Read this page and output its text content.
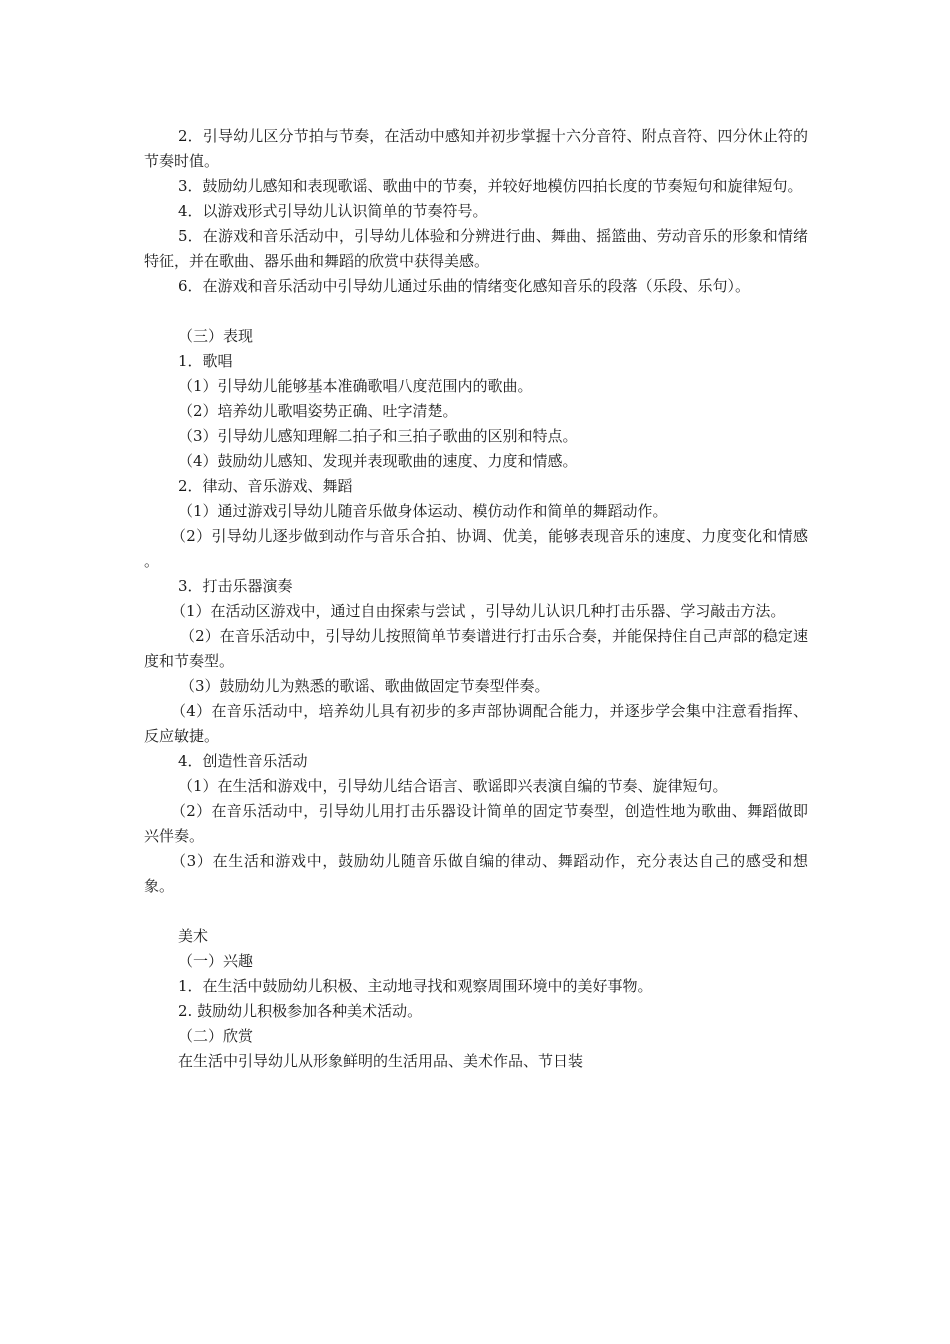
2．引导幼儿区分节拍与节奏，在活动中感知并初步掌握十六分音符、附点音符、四分休止符的节奏时值。

3．鼓励幼儿感知和表现歌谣、歌曲中的节奏，并较好地模仿四拍长度的节奏短句和旋律短句。

4．以游戏形式引导幼儿认识简单的节奏符号。

5．在游戏和音乐活动中，引导幼儿体验和分辨进行曲、舞曲、摇篮曲、劳动音乐的形象和情绪特征，并在歌曲、器乐曲和舞蹈的欣赏中获得美感。

6．在游戏和音乐活动中引导幼儿通过乐曲的情绪变化感知音乐的段落（乐段、乐句）。

（三）表现

1．歌唱

（1）引导幼儿能够基本准确歌唱八度范围内的歌曲。

（2）培养幼儿歌唱姿势正确、吐字清楚。

（3）引导幼儿感知理解二拍子和三拍子歌曲的区别和特点。

（4）鼓励幼儿感知、发现并表现歌曲的速度、力度和情感。

2．律动、音乐游戏、舞蹈

（1）通过游戏引导幼儿随音乐做身体运动、模仿动作和简单的舞蹈动作。

（2）引导幼儿逐步做到动作与音乐合拍、协调、优美，能够表现音乐的速度、力度变化和情感 。

3．打击乐器演奏

（1）在活动区游戏中，通过自由探索与尝试 ，引导幼儿认识几种打击乐器、学习敲击方法。

（2）在音乐活动中，引导幼儿按照简单节奏谱进行打击乐合奏，并能保持住自己声部的稳定速度和节奏型。

（3）鼓励幼儿为熟悉的歌谣、歌曲做固定节奏型伴奏。

（4）在音乐活动中，培养幼儿具有初步的多声部协调配合能力，并逐步学会集中注意看指挥、反应敏捷。

4．创造性音乐活动

（1）在生活和游戏中，引导幼儿结合语言、歌谣即兴表演自编的节奏、旋律短句。

（2）在音乐活动中，引导幼儿用打击乐器设计简单的固定节奏型，创造性地为歌曲、舞蹈做即兴伴奏。

（3）在生活和游戏中，鼓励幼儿随音乐做自编的律动、舞蹈动作，充分表达自己的感受和想象。

美术

（一）兴趣

1．在生活中鼓励幼儿积极、主动地寻找和观察周围环境中的美好事物。

2. 鼓励幼儿积极参加各种美术活动。

（二）欣赏

在生活中引导幼儿从形象鲜明的生活用品、美术作品、节日装
